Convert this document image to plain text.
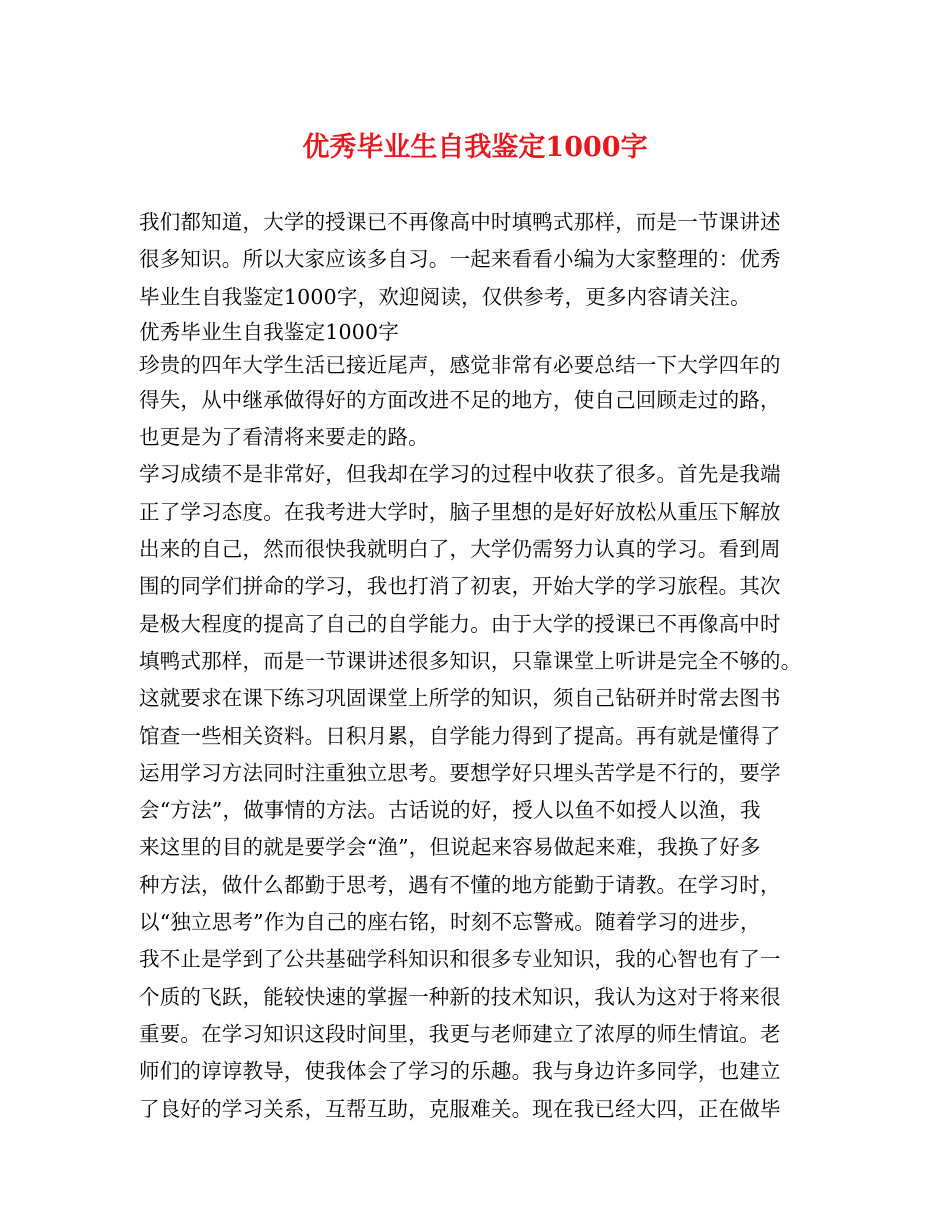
优秀毕业生自我鉴定1000字
我们都知道，大学的授课已不再像高中时填鸭式那样，而是一节课讲述
很多知识。所以大家应该多自习。一起来看看小编为大家整理的：优秀
毕业生自我鉴定1000字，欢迎阅读，仅供参考，更多内容请关注。
优秀毕业生自我鉴定1000字
珍贵的四年大学生活已接近尾声，感觉非常有必要总结一下大学四年的
得失，从中继承做得好的方面改进不足的地方，使自己回顾走过的路，
也更是为了看清将来要走的路。
学习成绩不是非常好，但我却在学习的过程中收获了很多。首先是我端
正了学习态度。在我考进大学时，脑子里想的是好好放松从重压下解放
出来的自己，然而很快我就明白了，大学仍需努力认真的学习。看到周
围的同学们拼命的学习，我也打消了初衷，开始大学的学习旅程。其次
是极大程度的提高了自己的自学能力。由于大学的授课已不再像高中时
填鸭式那样，而是一节课讲述很多知识，只靠课堂上听讲是完全不够的。
这就要求在课下练习巩固课堂上所学的知识，须自己钻研并时常去图书
馆查一些相关资料。日积月累，自学能力得到了提高。再有就是懂得了
运用学习方法同时注重独立思考。要想学好只埋头苦学是不行的，要学
会“方法”，做事情的方法。古话说的好，授人以鱼不如授人以渔，我
来这里的目的就是要学会“渔”，但说起来容易做起来难，我换了好多
种方法，做什么都勤于思考，遇有不懂的地方能勤于请教。在学习时，
以“独立思考”作为自己的座右铭，时刻不忘警戒。随着学习的进步，
我不止是学到了公共基础学科知识和很多专业知识，我的心智也有了一
个质的飞跃，能较快速的掌握一种新的技术知识，我认为这对于将来很
重要。在学习知识这段时间里，我更与老师建立了浓厚的师生情谊。老
师们的谆谆教导，使我体会了学习的乐趣。我与身边许多同学，也建立
了良好的学习关系，互帮互助，克服难关。现在我已经大四，正在做毕
